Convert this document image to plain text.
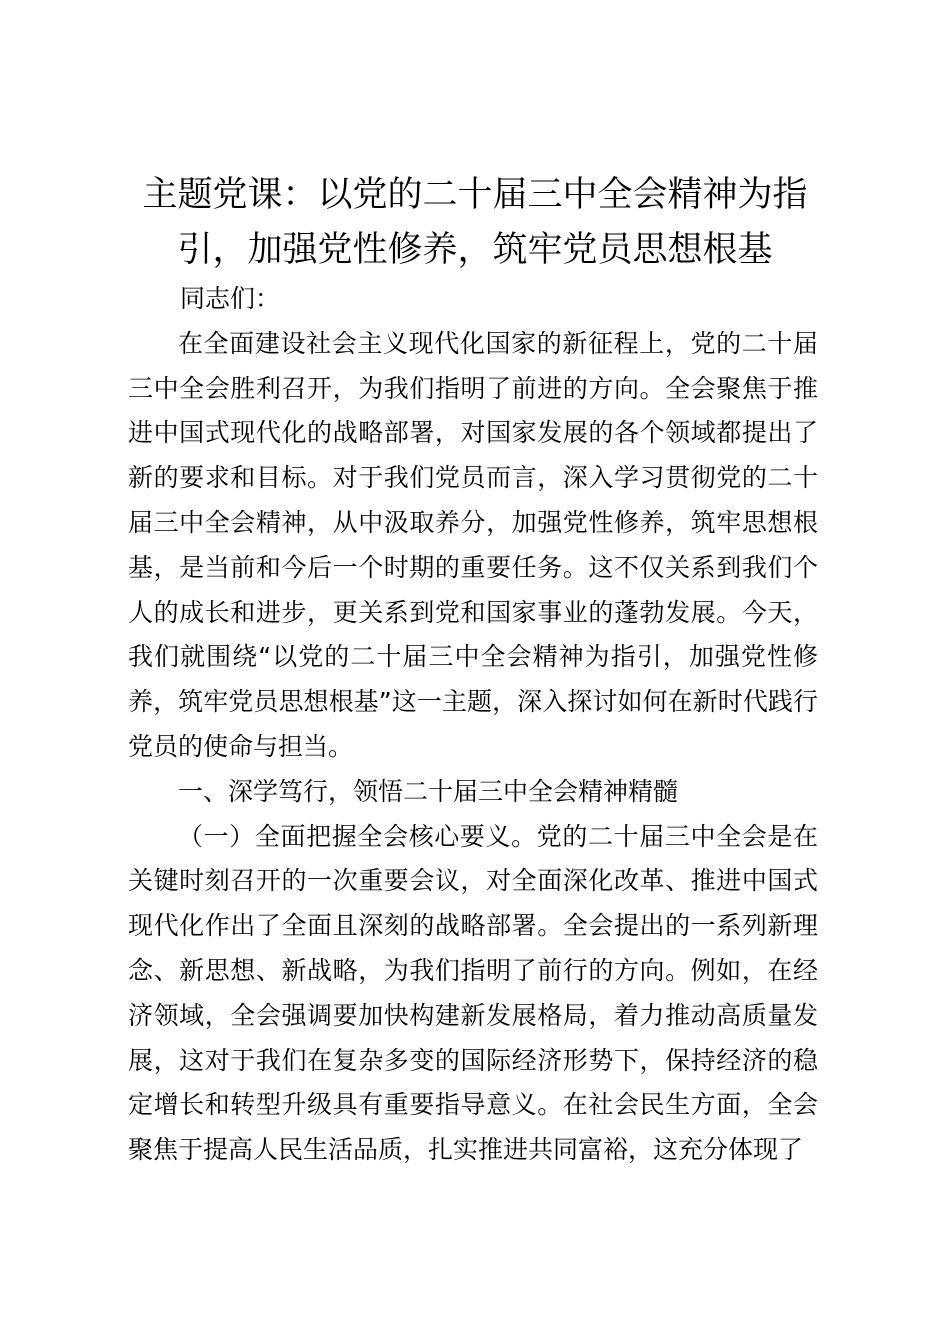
主题党课：以党的二十届三中全会精神为指
引，加强党性修养，筑牢党员思想根基

同志们：

在全面建设社会主义现代化国家的新征程上，党的二十届三中全会胜利召开，为我们指明了前进的方向。全会聚焦于推进中国式现代化的战略部署，对国家发展的各个领域都提出了新的要求和目标。对于我们党员而言，深入学习贯彻党的二十届三中全会精神，从中汲取养分，加强党性修养，筑牢思想根基，是当前和今后一个时期的重要任务。这不仅关系到我们个人的成长和进步，更关系到党和国家事业的蓬勃发展。今天，我们就围绕“以党的二十届三中全会精神为指引，加强党性修养，筑牢党员思想根基”这一主题，深入探讨如何在新时代践行党员的使命与担当。

一、深学笃行，领悟二十届三中全会精神精髓

（一）全面把握全会核心要义。党的二十届三中全会是在关键时刻召开的一次重要会议，对全面深化改革、推进中国式现代化作出了全面且深刻的战略部署。全会提出的一系列新理念、新思想、新战略，为我们指明了前行的方向。例如，在经济领域，全会强调要加快构建新发展格局，着力推动高质量发展，这对于我们在复杂多变的国际经济形势下，保持经济的稳定增长和转型升级具有重要指导意义。在社会民生方面，全会聚焦于提高人民生活品质，扎实推进共同富裕，这充分体现了
